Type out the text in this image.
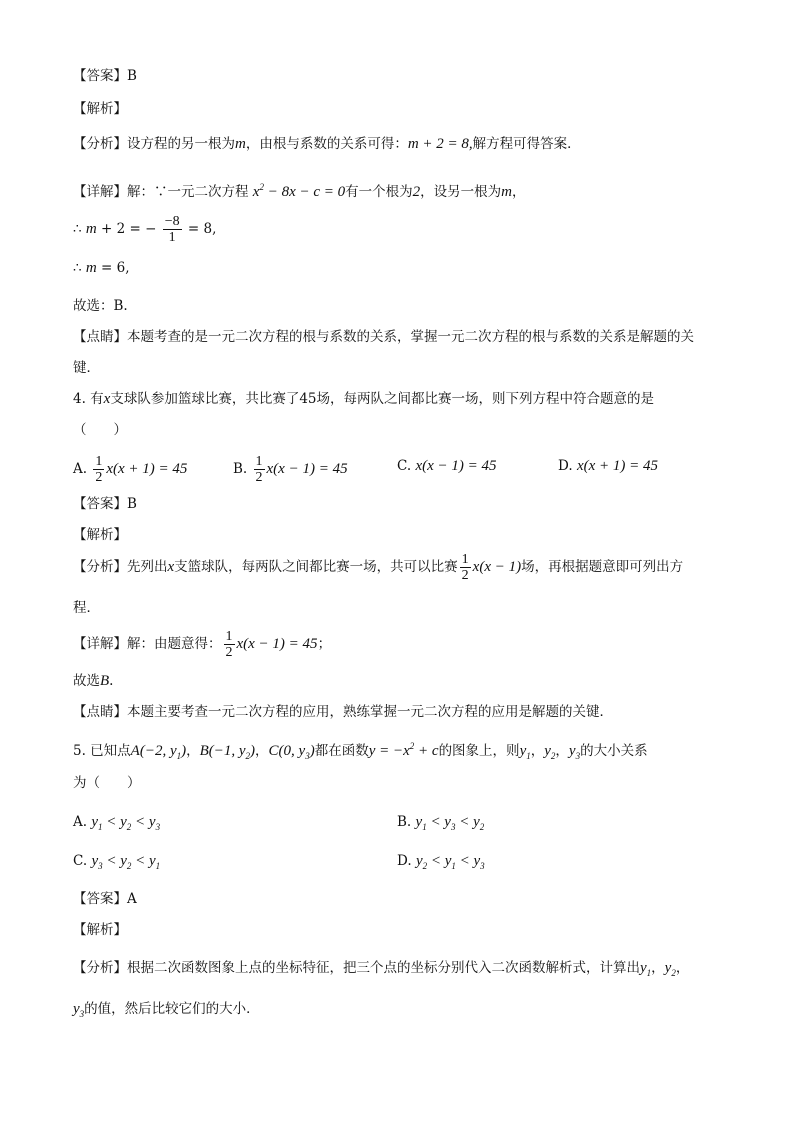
【答案】B
【解析】
【分析】设方程的另一根为m，由根与系数的关系可得：m + 2 = 8,解方程可得答案．
【详解】解：∵一元二次方程 $x^2 - 8x - c = 0$有一个根为2，设另一根为m，
∴ m + 2 = − $\frac{-8}{1} = 8$,
∴ m = 6,
故选：B.
【点睛】本题考查的是一元二次方程的根与系数的关系，掌握一元二次方程的根与系数的关系是解题的关
键．
4. 有x支球队参加篮球比赛，共比赛了45场，每两队之间都比赛一场，则下列方程中符合题意的是
（　　）
A. $\frac{1}{2} x(x + 1) = 45$	B. $\frac{1}{2} x(x - 1) = 45$	C. x(x − 1) = 45	D. x(x + 1) = 45
【答案】B
【解析】
【分析】先列出x支篮球队，每两队之间都比赛一场，共可以比赛 $\frac{1}{2} x(x - 1)$场，再根据题意即可列出方
程．
【详解】解：由题意得： $\frac{1}{2} x(x - 1) = 45$；
故选B.
【点睛】本题主要考查一元二次方程的应用，熟练掌握一元二次方程的应用是解题的关键．
5. 已知点A(−2, $y_1$)，B(−1, $y_2$)，C(0, $y_3$)都在函数$y = -x^2 + c$的图象上，则$y_1$，$y_2$，$y_3$的大小关系
为（　　）
A. $y_1 < y_2 < y_3$	B. $y_1 < y_3 < y_2$
C. $y_3 < y_2 < y_1$	D. $y_2 < y_1 < y_3$
【答案】A
【解析】
【分析】根据二次函数图象上点的坐标特征，把三个点的坐标分别代入二次函数解析式，计算出$y_1$，$y_2$，
$y_3$的值，然后比较它们的大小．
